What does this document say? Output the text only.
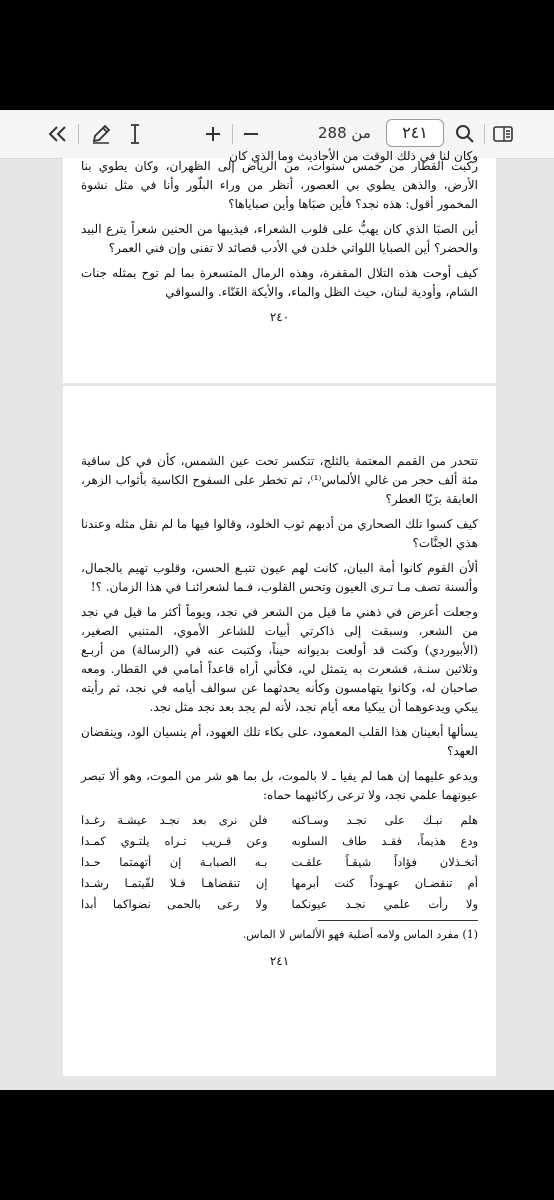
من 288	٢٤١
وكان لنا في ذلك الوقت من الأحاديث وما الذي كان

ركبت القطار من خمس سنوات، من الرياض إلى الظهران، وكان يطوي بنا الأرض، والذهن يطوي بي العصور، أنظر من وراء البلّور وأنا في مثل نشوة المخمور أقول: هذه نجد؟ فأين صبَاها وأين صباياها؟

أين الصبَا الذي كان يهبُّ على قلوب الشعراء، فيذيبها من الحنين شعراً يترع البيد والحضر؟ أين الصبايا اللواتي خلدن في الأدب قصائد لا تفنى وإن فني العمر؟

كيف أوحت هذه التلال المقفرة، وهذه الرمال المتسعرة بما لم توح بمثله جنات الشام، وأودية لبنان، حيث الظل والماء، والأيكة الغَنّاء. والسواقي

٢٤٠

تتحدر من القمم المعتمة بالثلج، تتكسر تحت عين الشمس، كأن في كل ساقية مئة ألف حجر من غالي الألماس⁽¹⁾، ثم تخطر على السفوح الكاسية بأثواب الزهر، العابقة برَيّا العطر؟

كيف كسوا تلك الصحاري من أدبهم ثوب الخلود، وقالوا فيها ما لم نقل مثله وعندنا هذي الجنَّات؟

ألأن القوم كانوا أمة البيان، كانت لهم عيون تتبـع الحسن، وقلوب تهيم بالجمال، وألسنة تصف مـا تـرى العيون وتحس القلوب، فـما لشعرائنـا في هذا الزمان. ؟!

وجعلت أعرض في ذهني ما قيل من الشعر في نجد، ويوماً أكثر ما قيل في نجد من الشعر، وسبقت إلى ذاكرتي أبيات للشاعر الأموي، المتنبي الصغير، (الأبيوردي) وكنت قد أولعت بديوانه حيناً، وكتبت عنه في (الرسالة) من أربـع وثلاثين سنـة، فشعرت به يتمثل لي، فكأني أراه قاعداً أمامي في القطار. ومعه صاحبان له، وكانوا يتهامسون وكأنه يحدثهما عن سوالف أيامه في نجد، ثم رأيته يبكي ويدعوهما أن يبكيا معه أيام نجد، لأنه لم يجد بعد نجد مثل نجد.

يسألها أبعينان هذا القلب المعمود، على بكاء تلك العهود، أم ينسيان الود، وينقضان العهد؟

ويدعو عليهما إن هما لم يفيا ـ لا بالموت، بل بما هو شر من الموت، وهو ألا تبصر عيونهما علمي نجد، ولا ترعى ركائبهما حماه:

هلم نبـك على نجـد وسـاكنه
فلن نرى بعد نجـد عيشـة رغـدا
ودع هذيماً، فقـد طاف السلوبه
وعن قـريب تـراه يلتـوي كمـدا
أتخـذلان فؤاداً شيقـاً علقـت
بـه الصبابـة إن أتهمتما حـدا
أم تنقضـان عهـوداً كنت أبرمها
إن تنقضاهـا فـلا لقّيتمـا رشـدا
ولا رأت علمي نجـد عيونكما
ولا رعى بالحمى نضواكما أبدا
(1) مفرد الماس ولامه أصلية فهو الألماس لا الماس.
٢٤١
